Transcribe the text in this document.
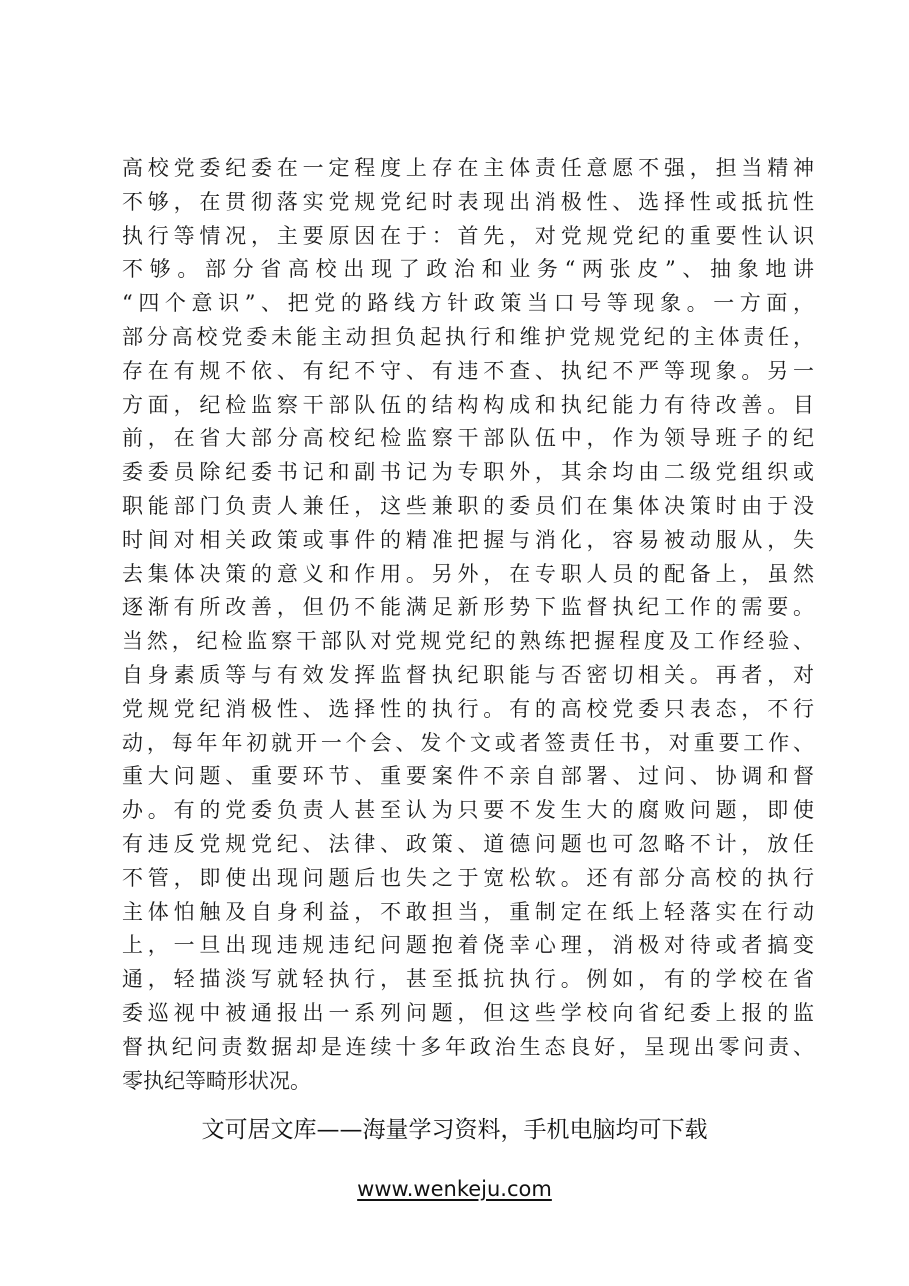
高校党委纪委在一定程度上存在主体责任意愿不强，担当精神
不够，在贯彻落实党规党纪时表现出消极性、选择性或抵抗性
执行等情况，主要原因在于：首先，对党规党纪的重要性认识
不够。部分省高校出现了政治和业务“两张皮”、抽象地讲
“四个意识”、把党的路线方针政策当口号等现象。一方面，
部分高校党委未能主动担负起执行和维护党规党纪的主体责任，
存在有规不依、有纪不守、有违不查、执纪不严等现象。另一
方面，纪检监察干部队伍的结构构成和执纪能力有待改善。目
前，在省大部分高校纪检监察干部队伍中，作为领导班子的纪
委委员除纪委书记和副书记为专职外，其余均由二级党组织或
职能部门负责人兼任，这些兼职的委员们在集体决策时由于没
时间对相关政策或事件的精准把握与消化，容易被动服从，失
去集体决策的意义和作用。另外，在专职人员的配备上，虽然
逐渐有所改善，但仍不能满足新形势下监督执纪工作的需要。
当然，纪检监察干部队对党规党纪的熟练把握程度及工作经验、
自身素质等与有效发挥监督执纪职能与否密切相关。再者，对
党规党纪消极性、选择性的执行。有的高校党委只表态，不行
动，每年年初就开一个会、发个文或者签责任书，对重要工作、
重大问题、重要环节、重要案件不亲自部署、过问、协调和督
办。有的党委负责人甚至认为只要不发生大的腐败问题，即使
有违反党规党纪、法律、政策、道德问题也可忽略不计，放任
不管，即使出现问题后也失之于宽松软。还有部分高校的执行
主体怕触及自身利益，不敢担当，重制定在纸上轻落实在行动
上，一旦出现违规违纪问题抱着侥幸心理，消极对待或者搞变
通，轻描淡写就轻执行，甚至抵抗执行。例如，有的学校在省
委巡视中被通报出一系列问题，但这些学校向省纪委上报的监
督执纪问责数据却是连续十多年政治生态良好，呈现出零问责、
零执纪等畸形状况。
文可居文库——海量学习资料，手机电脑均可下载
www.wenkeju.com
